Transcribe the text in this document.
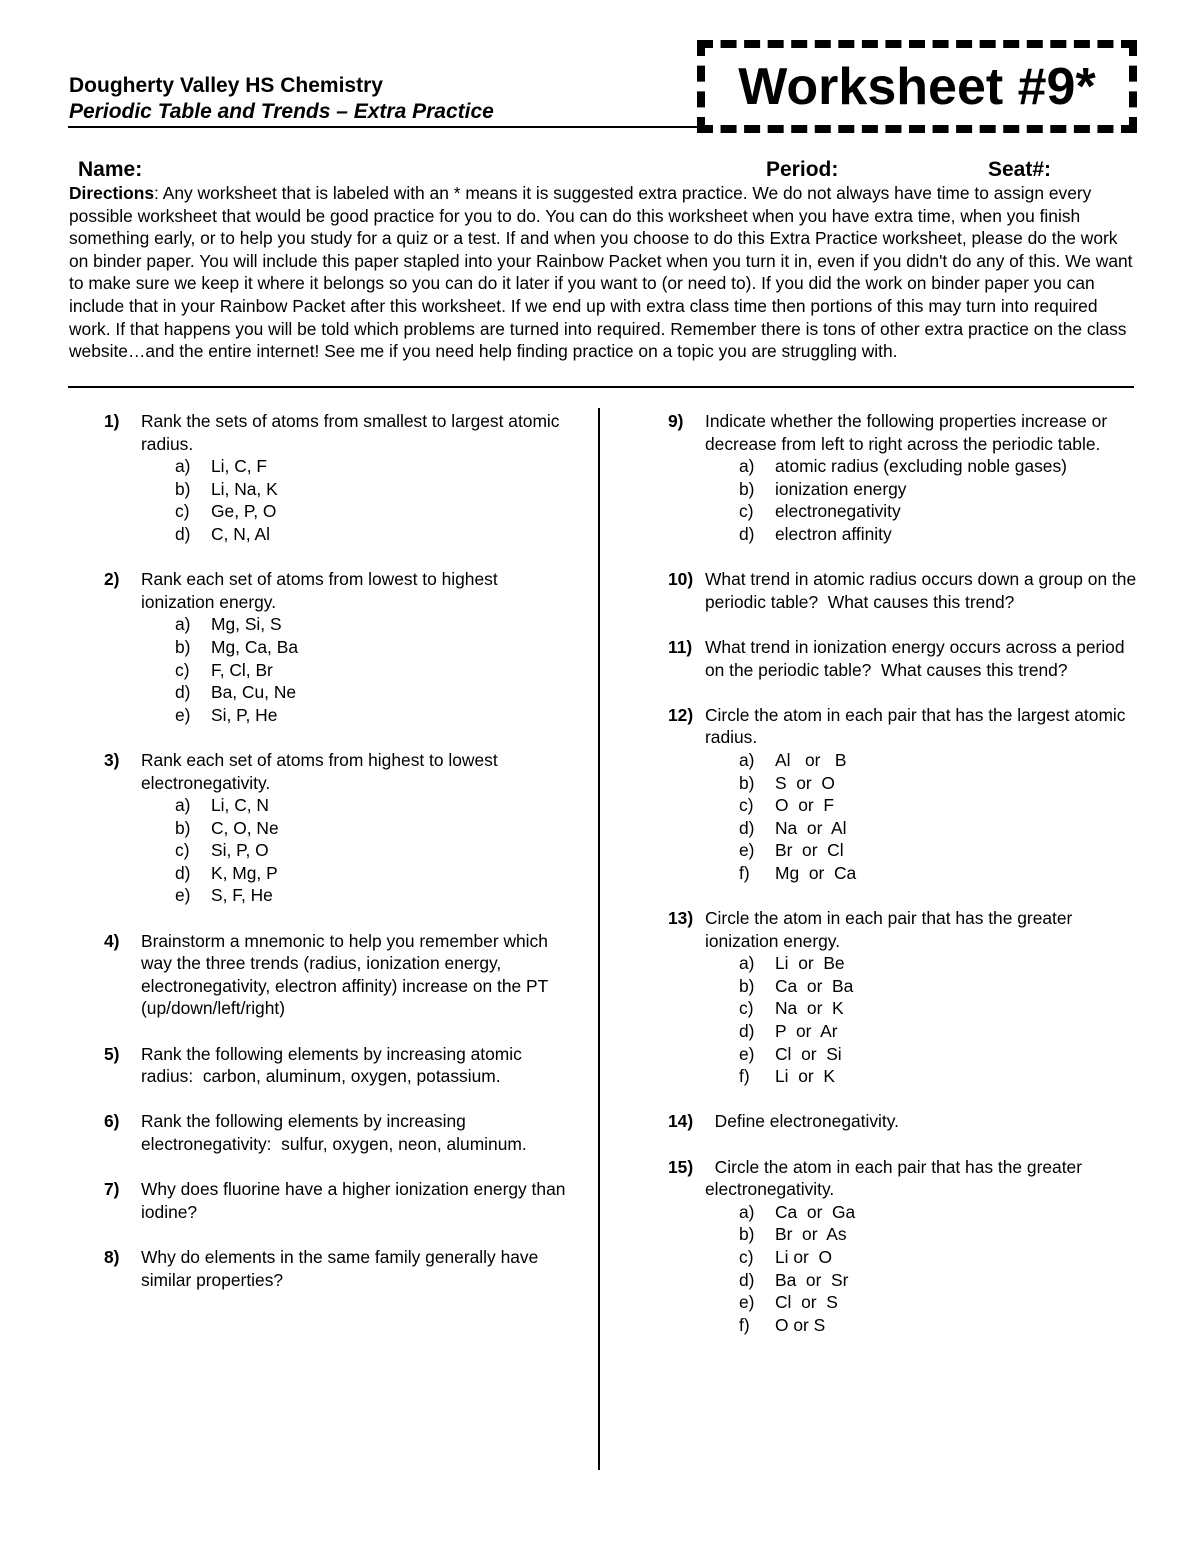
Dougherty Valley HS Chemistry
Periodic Table and Trends – Extra Practice	Worksheet #9*
Name:	Period:	Seat#:
Directions: Any worksheet that is labeled with an * means it is suggested extra practice. We do not always have time to assign every possible worksheet that would be good practice for you to do. You can do this worksheet when you have extra time, when you finish something early, or to help you study for a quiz or a test. If and when you choose to do this Extra Practice worksheet, please do the work on binder paper. You will include this paper stapled into your Rainbow Packet when you turn it in, even if you didn't do any of this. We want to make sure we keep it where it belongs so you can do it later if you want to (or need to). If you did the work on binder paper you can include that in your Rainbow Packet after this worksheet. If we end up with extra class time then portions of this may turn into required work. If that happens you will be told which problems are turned into required. Remember there is tons of other extra practice on the class website…and the entire internet! See me if you need help finding practice on a topic you are struggling with.
1) Rank the sets of atoms from smallest to largest atomic radius.
a) Li, C, F
b) Li, Na, K
c) Ge, P, O
d) C, N, Al
2) Rank each set of atoms from lowest to highest ionization energy.
a) Mg, Si, S
b) Mg, Ca, Ba
c) F, Cl, Br
d) Ba, Cu, Ne
e) Si, P, He
3) Rank each set of atoms from highest to lowest electronegativity.
a) Li, C, N
b) C, O, Ne
c) Si, P, O
d) K, Mg, P
e) S, F, He
4) Brainstorm a mnemonic to help you remember which way the three trends (radius, ionization energy, electronegativity, electron affinity) increase on the PT (up/down/left/right)
5) Rank the following elements by increasing atomic radius:  carbon, aluminum, oxygen, potassium.
6) Rank the following elements by increasing electronegativity:  sulfur, oxygen, neon, aluminum.
7) Why does fluorine have a higher ionization energy than iodine?
8) Why do elements in the same family generally have similar properties?
9) Indicate whether the following properties increase or decrease from left to right across the periodic table.
a) atomic radius (excluding noble gases)
b) ionization energy
c) electronegativity
d) electron affinity
10) What trend in atomic radius occurs down a group on the periodic table?  What causes this trend?
11) What trend in ionization energy occurs across a period on the periodic table?  What causes this trend?
12) Circle the atom in each pair that has the largest atomic radius.
a) Al   or   B
b) S  or  O
c) O  or  F
d) Na  or  Al
e) Br  or  Cl
f) Mg  or  Ca
13) Circle the atom in each pair that has the greater ionization energy.
a) Li  or  Be
b) Ca  or  Ba
c) Na  or  K
d) P  or  Ar
e) Cl  or  Si
f) Li  or  K
14) Define electronegativity.
15) Circle the atom in each pair that has the greater electronegativity.
a) Ca  or  Ga
b) Br  or  As
c) Li or  O
d) Ba  or  Sr
e) Cl  or  S
f) O or S
